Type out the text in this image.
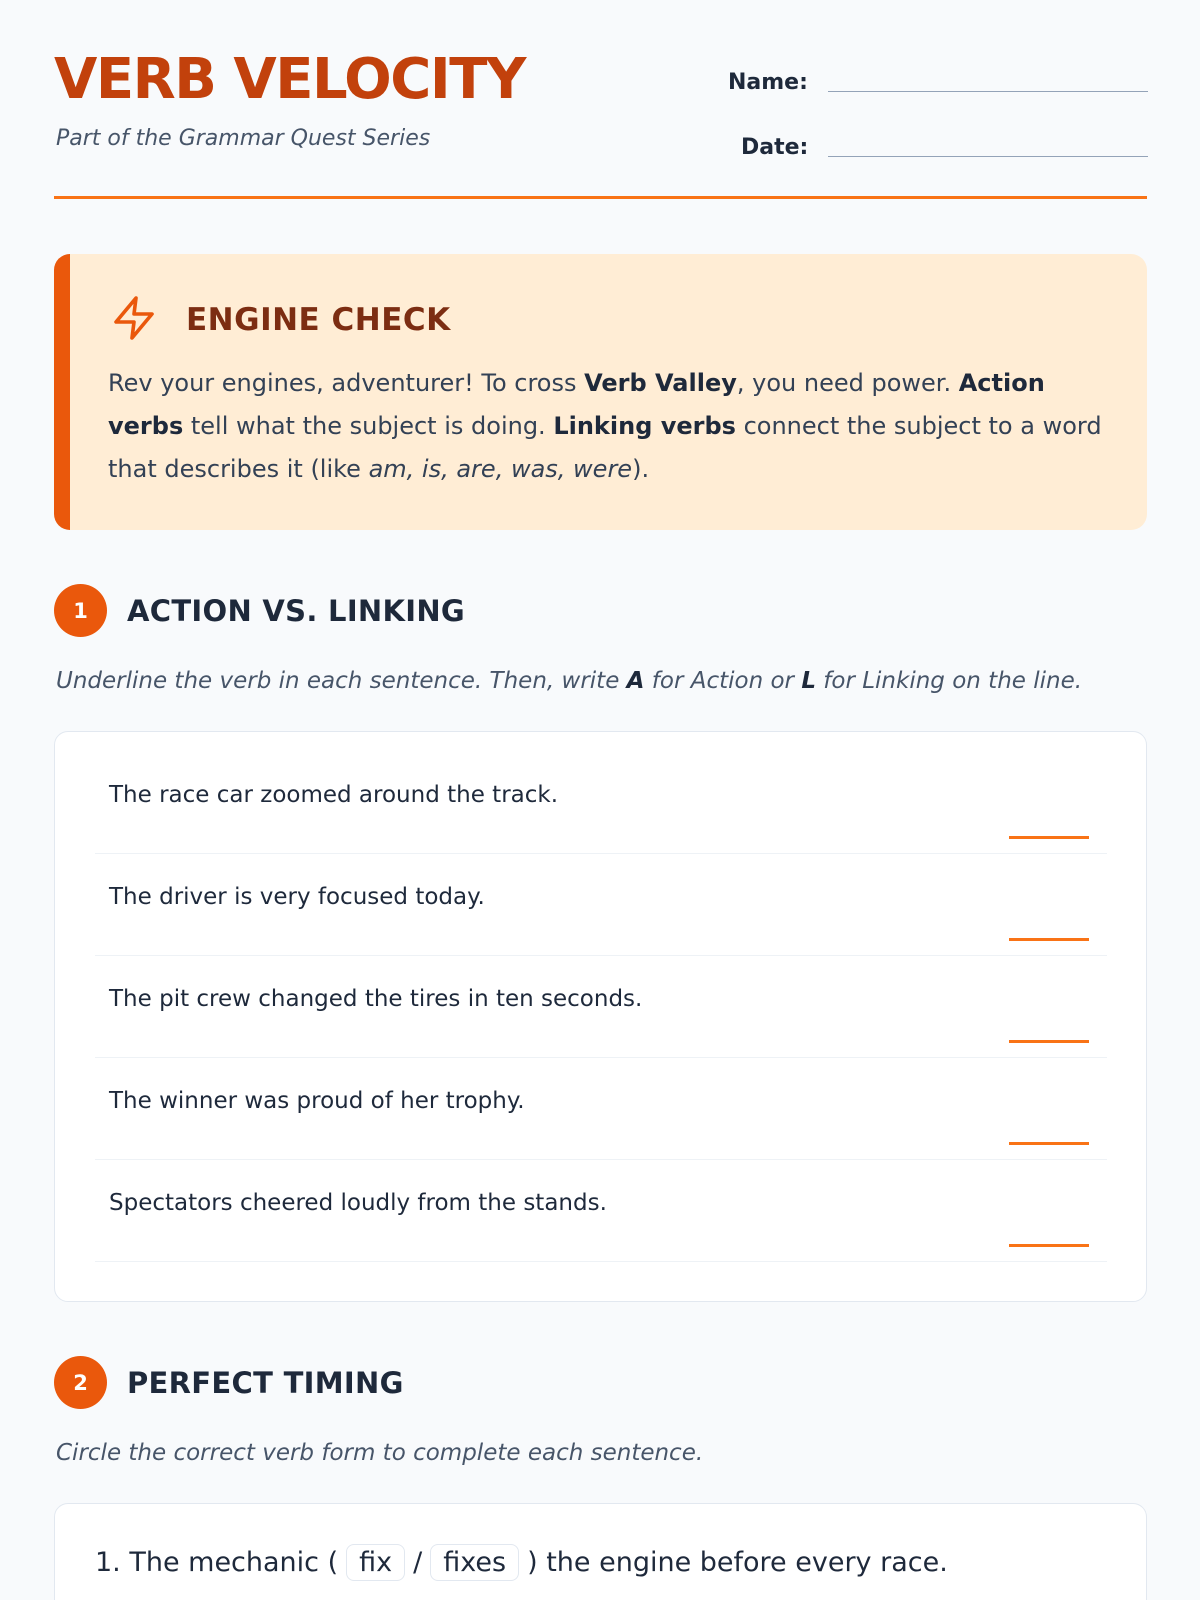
VERB VELOCITY
Part of the Grammar Quest Series
Name:
Date:
ENGINE CHECK
Rev your engines, adventurer! To cross Verb Valley, you need power. Action verbs tell what the subject is doing. Linking verbs connect the subject to a word that describes it (like am, is, are, was, were).
1	ACTION VS. LINKING
Underline the verb in each sentence. Then, write A for Action or L for Linking on the line.
The race car zoomed around the track.
The driver is very focused today.
The pit crew changed the tires in ten seconds.
The winner was proud of her trophy.
Spectators cheered loudly from the stands.
2	PERFECT TIMING
Circle the correct verb form to complete each sentence.
1. The mechanic ( fix / fixes ) the engine before every race.
